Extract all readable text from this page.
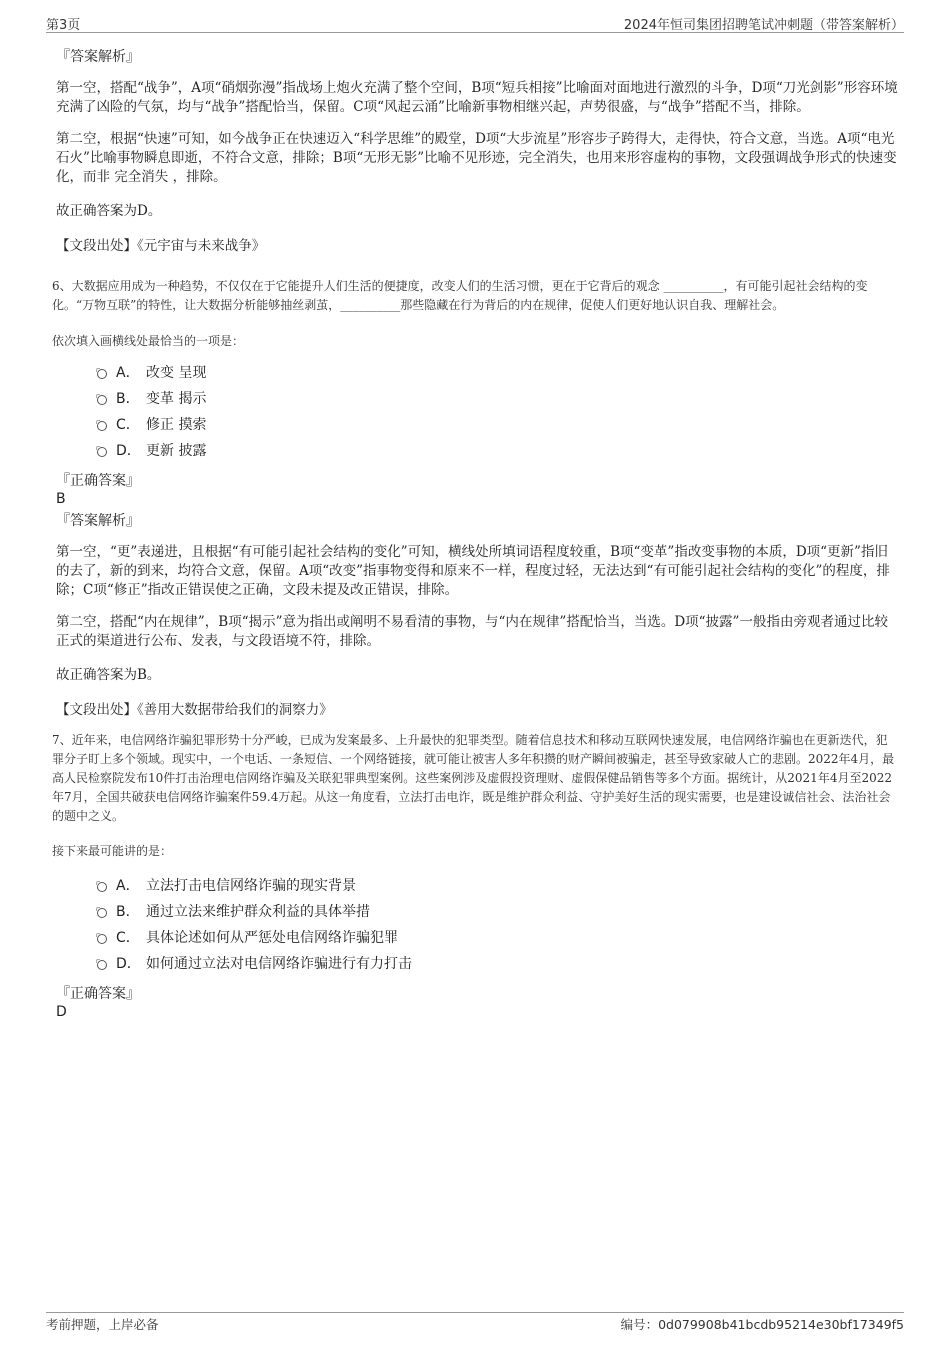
第3页	2024年恒司集团招聘笔试冲刺题（带答案解析）

『答案解析』

第一空，搭配“战争”，A项“硝烟弥漫”指战场上炮火充满了整个空间，B项“短兵相接”比喻面对面地进行激烈的斗争，D项“刀光剑影”形容环境充满了凶险的气氛，均与“战争”搭配恰当，保留。C项“风起云涌”比喻新事物相继兴起，声势很盛，与“战争”搭配不当，排除。

第二空，根据“快速”可知，如今战争正在快速迈入“科学思维”的殿堂，D项“大步流星”形容步子跨得大，走得快，符合文意，当选。A项“电光石火”比喻事物瞬息即逝，不符合文意，排除；B项“无形无影”比喻不见形迹，完全消失，也用来形容虚构的事物，文段强调战争形式的快速变化，而非 完全消失 ，排除。

故正确答案为D。

【文段出处】《元宇宙与未来战争》

6、大数据应用成为一种趋势，不仅仅在于它能提升人们生活的便捷度，改变人们的生活习惯，更在于它背后的观念 __________，有可能引起社会结构的变化。“万物互联”的特性，让大数据分析能够抽丝剥茧，__________那些隐藏在行为背后的内在规律，促使人们更好地认识自我、理解社会。

依次填入画横线处最恰当的一项是：

A． 改变 呈现
B． 变革 揭示
C． 修正 摸索
D． 更新 披露

『正确答案』

B

『答案解析』

第一空，“更”表递进，且根据“有可能引起社会结构的变化”可知，横线处所填词语程度较重，B项“变革”指改变事物的本质，D项“更新”指旧的去了，新的到来，均符合文意，保留。A项“改变”指事物变得和原来不一样，程度过轻，无法达到“有可能引起社会结构的变化”的程度，排除；C项“修正”指改正错误使之正确，文段未提及改正错误，排除。

第二空，搭配“内在规律”，B项“揭示”意为指出或阐明不易看清的事物，与“内在规律”搭配恰当，当选。D项“披露”一般指由旁观者通过比较正式的渠道进行公布、发表，与文段语境不符，排除。

故正确答案为B。

【文段出处】《善用大数据带给我们的洞察力》

7、近年来，电信网络诈骗犯罪形势十分严峻，已成为发案最多、上升最快的犯罪类型。随着信息技术和移动互联网快速发展，电信网络诈骗也在更新迭代，犯罪分子盯上多个领域。现实中，一个电话、一条短信、一个网络链接，就可能让被害人多年积攒的财产瞬间被骗走，甚至导致家破人亡的悲剧。2022年4月，最高人民检察院发布10件打击治理电信网络诈骗及关联犯罪典型案例。这些案例涉及虚假投资理财、虚假保健品销售等多个方面。据统计，从2021年4月至2022年7月，全国共破获电信网络诈骗案件59.4万起。从这一角度看，立法打击电诈，既是维护群众利益、守护美好生活的现实需要，也是建设诚信社会、法治社会的题中之义。

接下来最可能讲的是：

A． 立法打击电信网络诈骗的现实背景
B． 通过立法来维护群众利益的具体举措
C． 具体论述如何从严惩处电信网络诈骗犯罪
D． 如何通过立法对电信网络诈骗进行有力打击

『正确答案』

D
考前押题，上岸必备	编号：0d079908b41bcdb95214e30bf17349f5
